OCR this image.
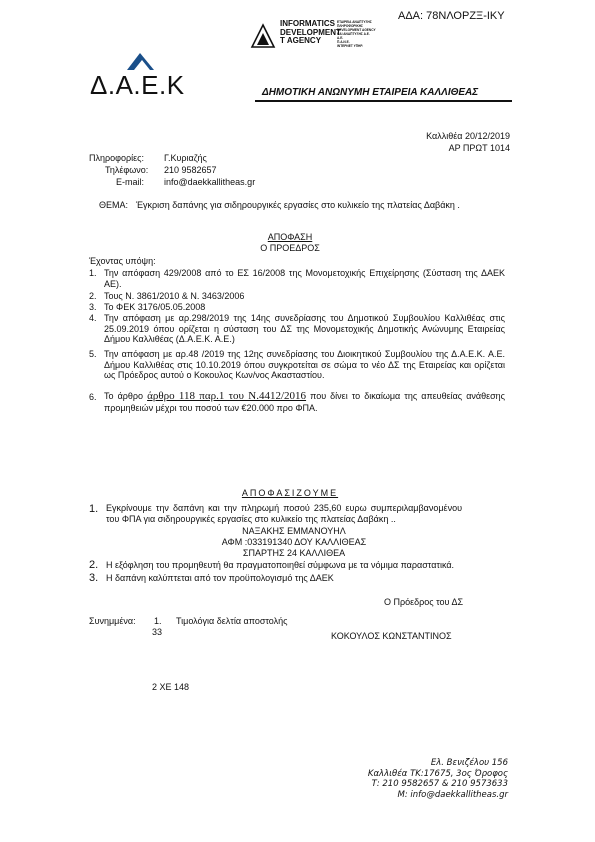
ΑΔΑ: 78ΝΛΟΡΖΞ-ΙΚΥ
INFORMATICS
DEVELOPMENT
T AGENCY
ΕΤΑΙΡΕΙΑ ΑΝΑΠΤΥΞΗΣ
ΠΛΗΡΟΦΟΡΙΚΗΣ
DEVELOPMENT AGENCY
ΚΑΙ ΑΝΑΠΤΥΞΗΣ Α.Ε.
Α.Ε.
Π.Α.Ν.Ε.
ΙΝΤΕΡΝΕΤ ΥΠΗΡ.
Δ.Α.Ε.Κ	ΔΗΜΟΤΙΚΗ ΑΝΩΝΥΜΗ ΕΤΑΙΡΕΙΑ ΚΑΛΛΙΘΕΑΣ
Καλλιθέα 20/12/2019
ΑΡ ΠΡΩΤ 1014
Πληροφορίες: Γ.Κυριαζής
Τηλέφωνο: 210 9582657
E-mail: info@daekkallitheas.gr
ΘΕΜΑ: Έγκριση δαπάνης για σιδηρουργικές εργασίες στο κυλικείο της πλατείας Δαβάκη .
ΑΠΟΦΑΣΗ
Ο ΠΡΟΕΔΡΟΣ
Έχοντας υπόψη:
1. Την απόφαση 429/2008 από το ΕΣ 16/2008 της Μονομετοχικής Επιχείρησης (Σύσταση της ΔΑΕΚ ΑΕ).
2. Τους Ν. 3861/2010 & Ν. 3463/2006
3. Το ΦΕΚ 3176/05.05.2008
4. Την απόφαση με αρ.298/2019 της 14ης συνεδρίασης του Δημοτικού Συμβουλίου Καλλιθέας στις 25.09.2019 όπου ορίζεται η σύσταση του ΔΣ της Μονομετοχικής Δημοτικής Ανώνυμης Εταιρείας Δήμου Καλλιθέας (Δ.Α.Ε.Κ. Α.Ε.)
5. Την απόφαση με αρ.48 /2019 της 12ης συνεδρίασης του Διοικητικού Συμβουλίου της Δ.Α.Ε.Κ. Α.Ε. Δήμου Καλλιθέας στις 10.10.2019 όπου συγκροτείται σε σώμα το νέο ΔΣ της Εταιρείας και ορίζεται ως Πρόεδρος αυτού ο Κοκουλος Κων/νος Ακασταστίου.
6. Το άρθρο άρθρο 118 παρ.1 του Ν.4412/2016 που δίνει το δικαίωμα της απευθείας ανάθεσης προμηθειών μέχρι του ποσού των €20.000 προ ΦΠΑ.
ΑΠΟΦΑΣΙΖΟΥΜΕ
1. Εγκρίνουμε την δαπάνη και την πληρωμή ποσού 235,60 ευρω συμπεριλαμβανομένου του ΦΠΑ για σιδηρουργικές εργασίες στο κυλικείο της πλατείας Δαβάκη ..
ΝΑΞΑΚΗΣ ΕΜΜΑΝΟΥΗΛ
ΑΦΜ :033191340 ΔΟΥ ΚΑΛΛΙΘΕΑΣ
ΣΠΑΡΤΗΣ 24 ΚΑΛΛΙΘΕΑ
2. Η εξόφληση του προμηθευτή θα πραγματοποιηθεί σύμφωνα με τα νόμιμα παραστατικά.
3. Η δαπάνη καλύπτεται από τον προϋπολογισμό της ΔΑΕΚ
Ο Πρόεδρος του ΔΣ
Συνημμένα: 1. Τιμολόγια δελτία αποστολής
33	ΚΟΚΟΥΛΟΣ ΚΩΝΣΤΑΝΤΙΝΟΣ
2 ΧΕ 148
Ελ. Βενιζέλου 156
Καλλιθέα ΤΚ:17675, 3ος Όροφος
Τ: 210 9582657 & 210 9573633
Μ: info@daekkallitheas.gr
